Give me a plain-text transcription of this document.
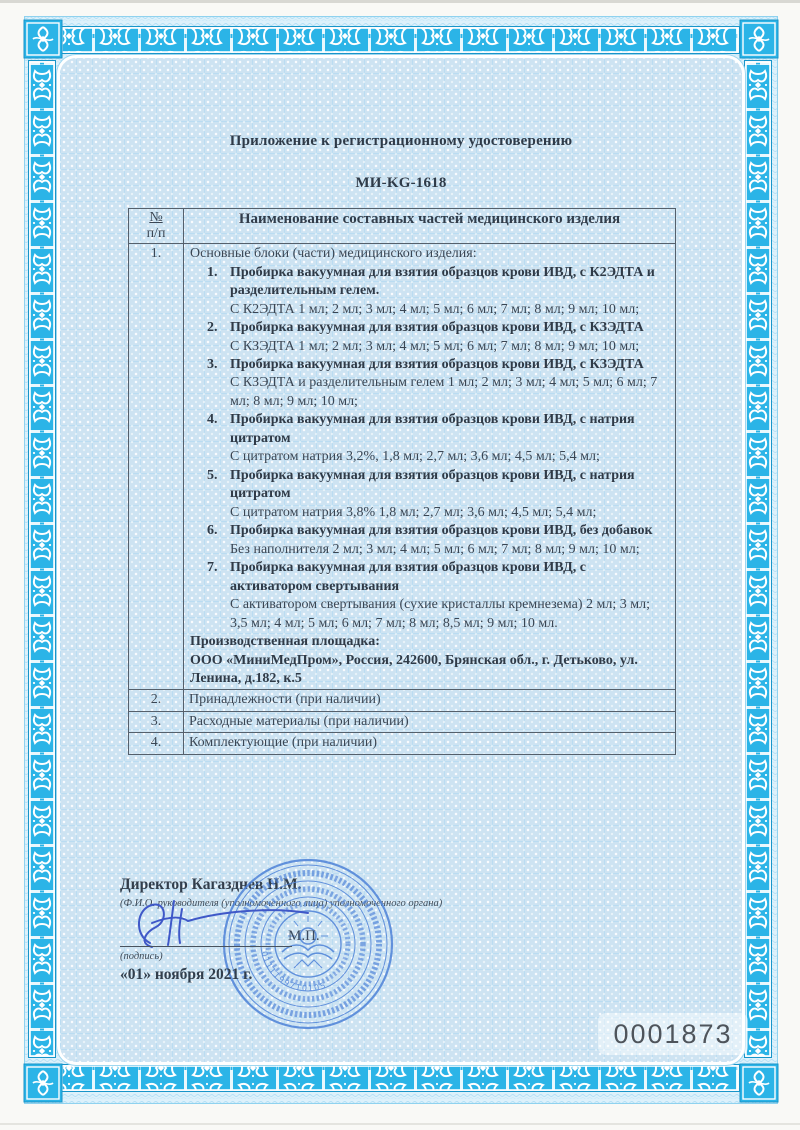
Приложение к регистрационному удостоверению
МИ-KG-1618
№
п/п	Наименование составных частей медицинского изделия
1.	Основные блоки (части) медицинского изделия:
1. Пробирка вакуумная для взятия образцов крови ИВД, с К2ЭДТА и разделительным гелем.
С К2ЭДТА 1 мл; 2 мл; 3 мл; 4 мл; 5 мл; 6 мл; 7 мл; 8 мл; 9 мл; 10 мл;
2. Пробирка вакуумная для взятия образцов крови ИВД, с КЗЭДТА
С КЗЭДТА 1 мл; 2 мл; 3 мл; 4 мл; 5 мл; 6 мл; 7 мл; 8 мл; 9 мл; 10 мл;
3. Пробирка вакуумная для взятия образцов крови ИВД, с КЗЭДТА
С КЗЭДТА и разделительным гелем 1 мл; 2 мл; 3 мл; 4 мл; 5 мл; 6 мл; 7 мл; 8 мл; 9 мл; 10 мл;
4. Пробирка вакуумная для взятия образцов крови ИВД, с натрия цитратом
С цитратом натрия 3,2%, 1,8 мл; 2,7 мл; 3,6 мл; 4,5 мл; 5,4 мл;
5. Пробирка вакуумная для взятия образцов крови ИВД, с натрия цитратом
С цитратом натрия 3,8% 1,8 мл; 2,7 мл; 3,6 мл; 4,5 мл; 5,4 мл;
6. Пробирка вакуумная для взятия образцов крови ИВД, без добавок
Без наполнителя 2 мл; 3 мл; 4 мл; 5 мл; 6 мл; 7 мл; 8 мл; 9 мл; 10 мл;
7. Пробирка вакуумная для взятия образцов крови ИВД, с активатором свертывания
С активатором свертывания (сухие кристаллы кремнезема) 2 мл; 3 мл; 3,5 мл; 4 мл; 5 мл; 6 мл; 7 мл; 8 мл; 8,5 мл; 9 мл; 10 мл.
Производственная площадка:
ООО «МиниМедПром», Россия, 242600, Брянская обл., г. Детьково, ул. Ленина, д.182, к.5

2.	Принадлежности (при наличии)
3.	Расходные материалы (при наличии)
4.	Комплектующие (при наличии)
Директор Кагазднев Н.М.
(Ф.И.О. руководителя (уполномоченного лица) уполномоченного органа)
0111199710105
(подпись)
М.П.
«01» ноября 2021 г.
0001873
